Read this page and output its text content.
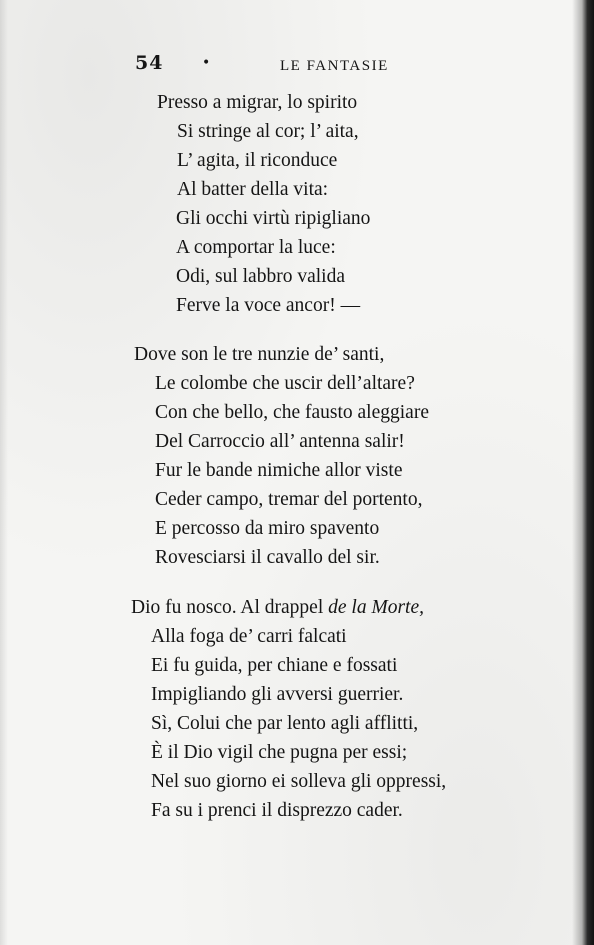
54	•	LE FANTASIE
Presso a migrar, lo spirito
Si stringe al cor; l’ aita,
L’ agita, il riconduce
Al batter della vita:
Gli occhi virtù ripigliano
A comportar la luce:
Odi, sul labbro valida
Ferve la voce ancor! —
Dove son le tre nunzie de’ santi,
Le colombe che uscir dell’altare?
Con che bello, che fausto aleggiare
Del Carroccio all’ antenna salir!
Fur le bande nimiche allor viste
Ceder campo, tremar del portento,
E percosso da miro spavento
Rovesciarsi il cavallo del sir.
Dio fu nosco. Al drappel de la Morte,
Alla foga de’ carri falcati
Ei fu guida, per chiane e fossati
Impigliando gli avversi guerrier.
Sì, Colui che par lento agli afflitti,
È il Dio vigil che pugna per essi;
Nel suo giorno ei solleva gli oppressi,
Fa su i prenci il disprezzo cader.
